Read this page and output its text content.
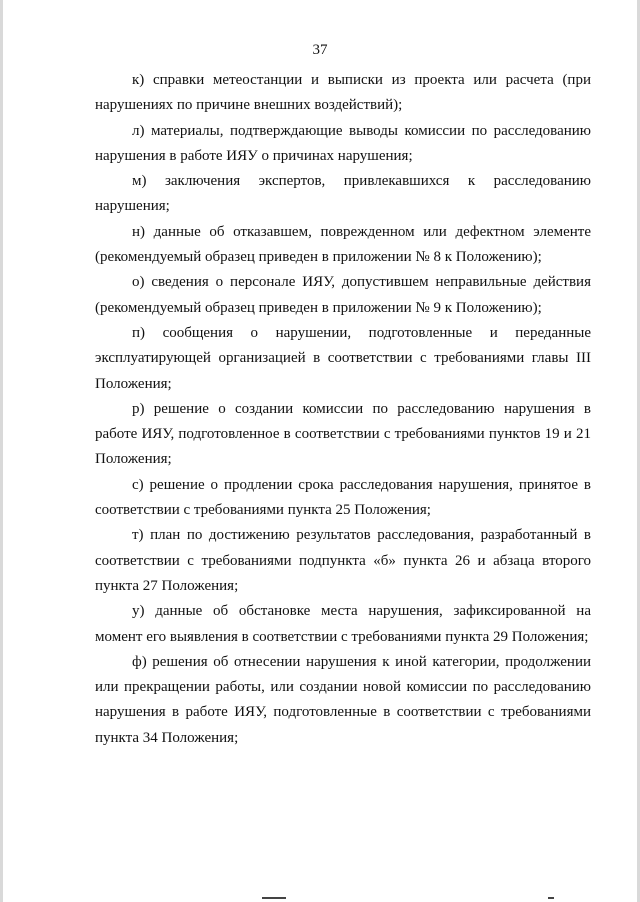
37

к) справки метеостанции и выписки из проекта или расчета (при нарушениях по причине внешних воздействий);

л) материалы, подтверждающие выводы комиссии по расследованию нарушения в работе ИЯУ о причинах нарушения;

м) заключения экспертов, привлекавшихся к расследованию нарушения;

н) данные об отказавшем, поврежденном или дефектном элементе (рекомендуемый образец приведен в приложении № 8 к Положению);

о) сведения о персонале ИЯУ, допустившем неправильные действия (рекомендуемый образец приведен в приложении № 9 к Положению);

п) сообщения о нарушении, подготовленные и переданные эксплуатирующей организацией в соответствии с требованиями главы III Положения;

р) решение о создании комиссии по расследованию нарушения в работе ИЯУ, подготовленное в соответствии с требованиями пунктов 19 и 21 Положения;

с) решение о продлении срока расследования нарушения, принятое в соответствии с требованиями пункта 25 Положения;

т) план по достижению результатов расследования, разработанный в соответствии с требованиями подпункта «б» пункта 26 и абзаца второго пункта 27 Положения;

у) данные об обстановке места нарушения, зафиксированной на момент его выявления в соответствии с требованиями пункта 29 Положения;

ф) решения об отнесении нарушения к иной категории, продолжении или прекращении работы, или создании новой комиссии по расследованию нарушения в работе ИЯУ, подготовленные в соответствии с требованиями пункта 34 Положения;
